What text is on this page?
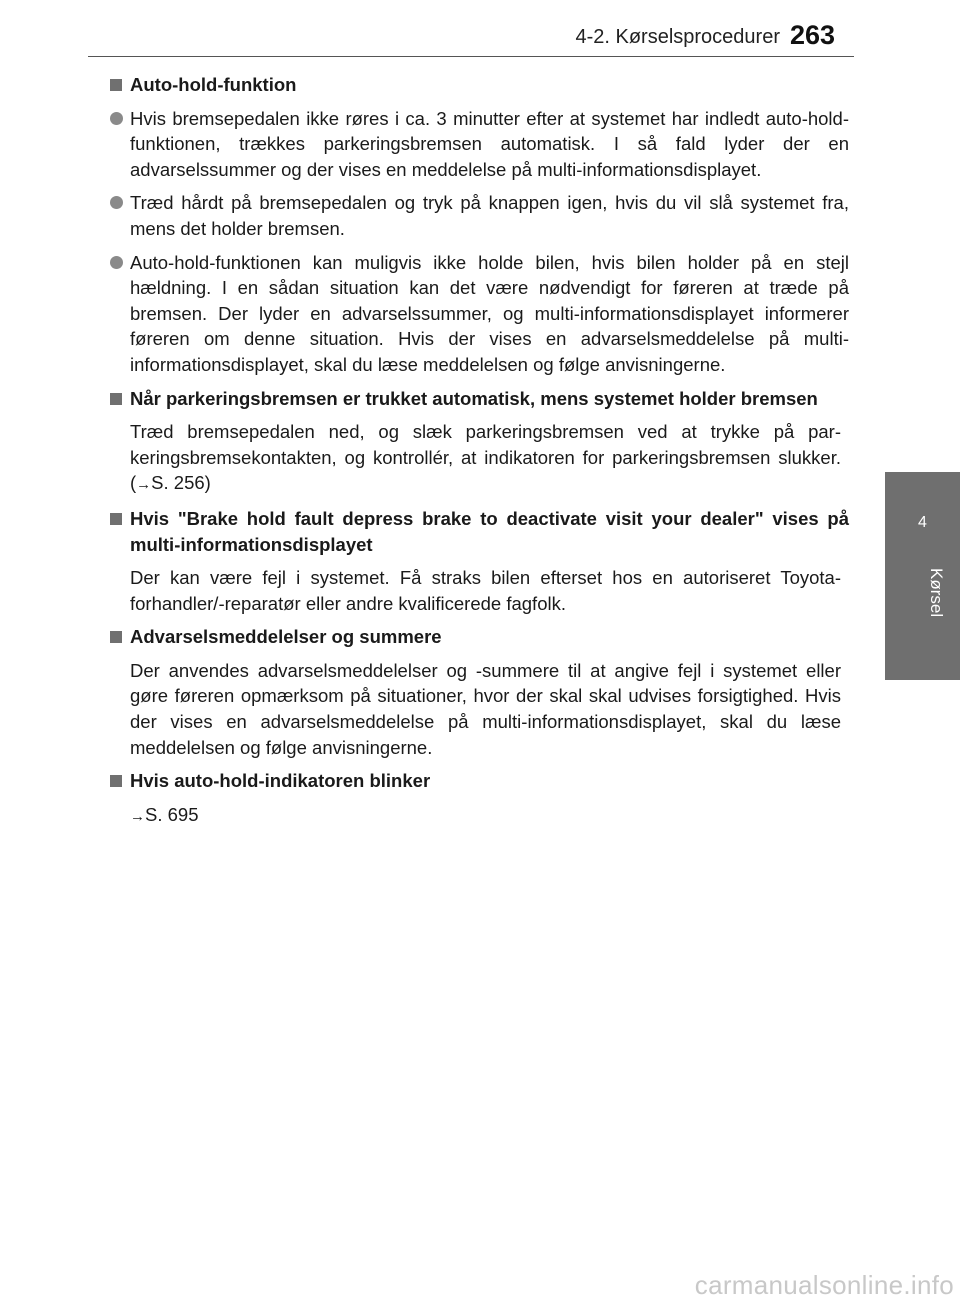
4-2. Kørselsprocedurer 263
4
Kørsel
Auto-hold-funktion
Hvis bremsepedalen ikke røres i ca. 3 minutter efter at systemet har indledt auto-hold-funktionen, trækkes parkeringsbremsen automatisk. I så fald lyder der en advarselssummer og der vises en meddelelse på multi-informationsdisplayet.
Træd hårdt på bremsepedalen og tryk på knappen igen, hvis du vil slå systemet fra, mens det holder bremsen.
Auto-hold-funktionen kan muligvis ikke holde bilen, hvis bilen holder på en stejl hældning. I en sådan situation kan det være nødvendigt for føreren at træde på bremsen. Der lyder en advarselssummer, og multi-informationsdisplayet informerer føreren om denne situation. Hvis der vises en advarselsmeddelelse på multi-informationsdisplayet, skal du læse meddelelsen og følge anvisningerne.
Når parkeringsbremsen er trukket automatisk, mens systemet holder bremsen
Træd bremsepedalen ned, og slæk parkeringsbremsen ved at trykke på parkeringsbremsekontakten, og kontrollér, at indikatoren for parkeringsbremsen slukker. (→S. 256)
Hvis "Brake hold fault depress brake to deactivate visit your dealer" vises på multi-informationsdisplayet
Der kan være fejl i systemet. Få straks bilen efterset hos en autoriseret Toyota-forhandler/-reparatør eller andre kvalificerede fagfolk.
Advarselsmeddelelser og summere
Der anvendes advarselsmeddelelser og -summere til at angive fejl i systemet eller gøre føreren opmærksom på situationer, hvor der skal skal udvises forsigtighed. Hvis der vises en advarselsmeddelelse på multi-informationsdisplayet, skal du læse meddelelsen og følge anvisningerne.
Hvis auto-hold-indikatoren blinker
→S. 695
carmanualsonline.info
